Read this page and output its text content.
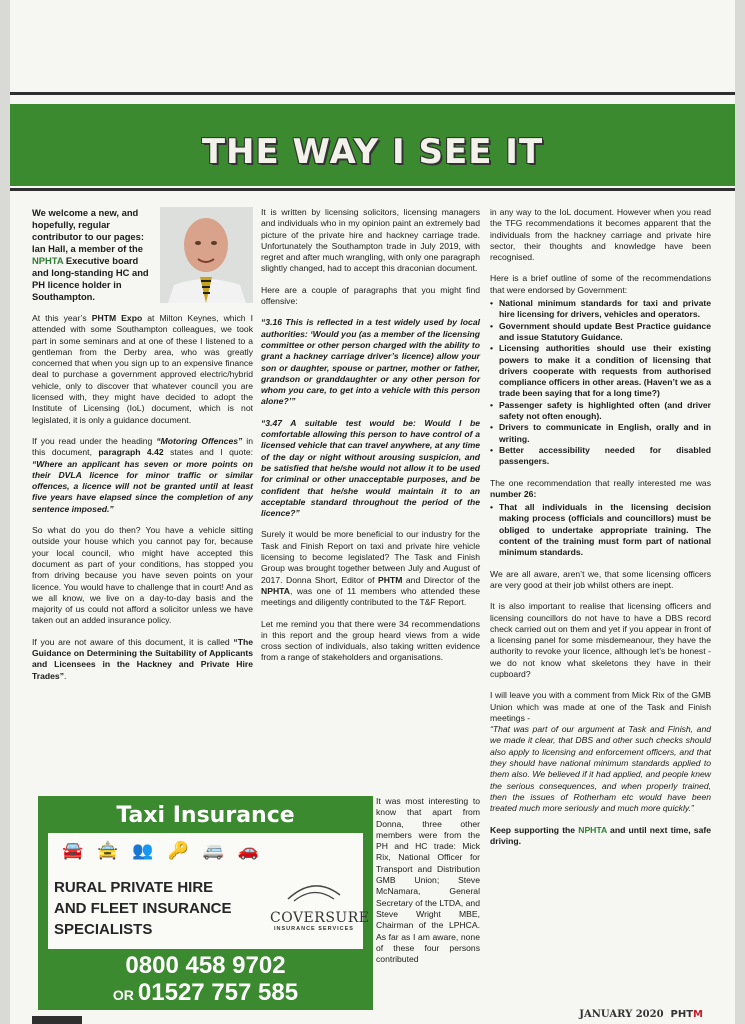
THE WAY I SEE IT

We welcome a new, and hopefully, regular contributor to our pages: Ian Hall, a member of the NPHTA Executive board and long-standing HC and PH licence holder in Southampton.

At this year’s PHTM Expo at Milton Keynes, which I attended with some Southampton colleagues, we took part in some seminars and at one of these I listened to a gentleman from the Derby area, who was greatly concerned that when you sign up to an expensive finance deal to purchase a government approved electric/hybrid vehicle, only to discover that whatever council you are licensed with, they might have decided to adopt the Institute of Licensing (IoL) document, which is not legislated, it is only a guidance document.

If you read under the heading “Motoring Offences” in this document, paragraph 4.42 states and I quote: “Where an applicant has seven or more points on their DVLA licence for minor traffic or similar offences, a licence will not be granted until at least five years have elapsed since the completion of any sentence imposed.”

So what do you do then? You have a vehicle sitting outside your house which you cannot pay for, because your local council, who might have accepted this document as part of your conditions, has stopped you from driving because you have seven points on your licence. You would have to challenge that in court! And as we all know, we live on a day-to-day basis and the majority of us could not afford a solicitor unless we have taken out an added insurance policy.

If you are not aware of this document, it is called “The Guidance on Determining the Suitability of Applicants and Licensees in the Hackney and Private Hire Trades”.

It is written by licensing solicitors, licensing managers and individuals who in my opinion paint an extremely bad picture of the private hire and hackney carriage trade. Unfortunately the Southampton trade in July 2019, with regret and after much wrangling, with only one paragraph slightly changed, had to accept this draconian document.

Here are a couple of paragraphs that you might find offensive:

“3.16 This is reflected in a test widely used by local authorities: ‘Would you (as a member of the licensing committee or other person charged with the ability to grant a hackney carriage driver’s licence) allow your son or daughter, spouse or partner, mother or father, grandson or granddaughter or any other person for whom you care, to get into a vehicle with this person alone?’”

“3.47 A suitable test would be: Would I be comfortable allowing this person to have control of a licensed vehicle that can travel anywhere, at any time of the day or night without arousing suspicion, and be satisfied that he/she would not allow it to be used for criminal or other unacceptable purposes, and be confident that he/she would maintain it to an acceptable standard throughout the period of the licence?”

Surely it would be more beneficial to our industry for the Task and Finish Report on taxi and private hire vehicle licensing to become legislated? The Task and Finish Group was brought together between July and August of 2017. Donna Short, Editor of PHTM and Director of the NPHTA, was one of 11 members who attended these meetings and diligently contributed to the T&F Report.

Let me remind you that there were 34 recommendations in this report and the group heard views from a wide cross section of individuals, also taking written evidence from a range of stakeholders and organisations.

It was most interesting to know that apart from Donna, three other members were from the PH and HC trade: Mick Rix, National Officer for Transport and Distribution GMB Union; Steve McNamara, General Secretary of the LTDA, and Steve Wright MBE, Chairman of the LPHCA. As far as I am aware, none of these four persons contributed

in any way to the IoL document. However when you read the TFG recommendations it becomes apparent that the individuals from the hackney carriage and private hire sector, their thoughts and knowledge have been recognised.

Here is a brief outline of some of the recommendations that were endorsed by Government:

• National minimum standards for taxi and private hire licensing for drivers, vehicles and operators.
• Government should update Best Practice guidance and issue Statutory Guidance.
• Licensing authorities should use their existing powers to make it a condition of licensing that drivers cooperate with requests from authorised compliance officers in other areas. (Haven’t we as a trade been saying that for a long time?)
• Passenger safety is highlighted often (and driver safety not often enough).
• Drivers to communicate in English, orally and in writing.
• Better accessibility needed for disabled passengers.

The one recommendation that really interested me was number 26:

• That all individuals in the licensing decision making process (officials and councillors) must be obliged to undertake appropriate training. The content of the training must form part of national minimum standards.

We are all aware, aren’t we, that some licensing officers are very good at their job whilst others are inept.

It is also important to realise that licensing officers and licensing councillors do not have to have a DBS record check carried out on them and yet if you appear in front of a licensing panel for some misdemeanour, they have the authority to revoke your licence, although let’s be honest - we do not know what skeletons they have in their cupboard?

I will leave you with a comment from Mick Rix of the GMB Union which was made at one of the Task and Finish meetings -

“That was part of our argument at Task and Finish, and we made it clear, that DBS and other such checks should also apply to licensing and enforcement officers, and that they should have national minimum standards applied to them also. We believed if it had applied, and people knew the serious consequences, and when properly trained, then the issues of Rotherham etc would have been treated much more seriously and much more quickly.”

Keep supporting the NPHTA and until next time, safe driving.

Taxi Insurance
🚘 🚖 👥 🔑 🚐 🚗
RURAL PRIVATE HIRE
AND FLEET INSURANCE
SPECIALISTS
COVERSURE
INSURANCE SERVICES
0800 458 9702
OR 01527 757 585
JANUARY 2020 PHTM
